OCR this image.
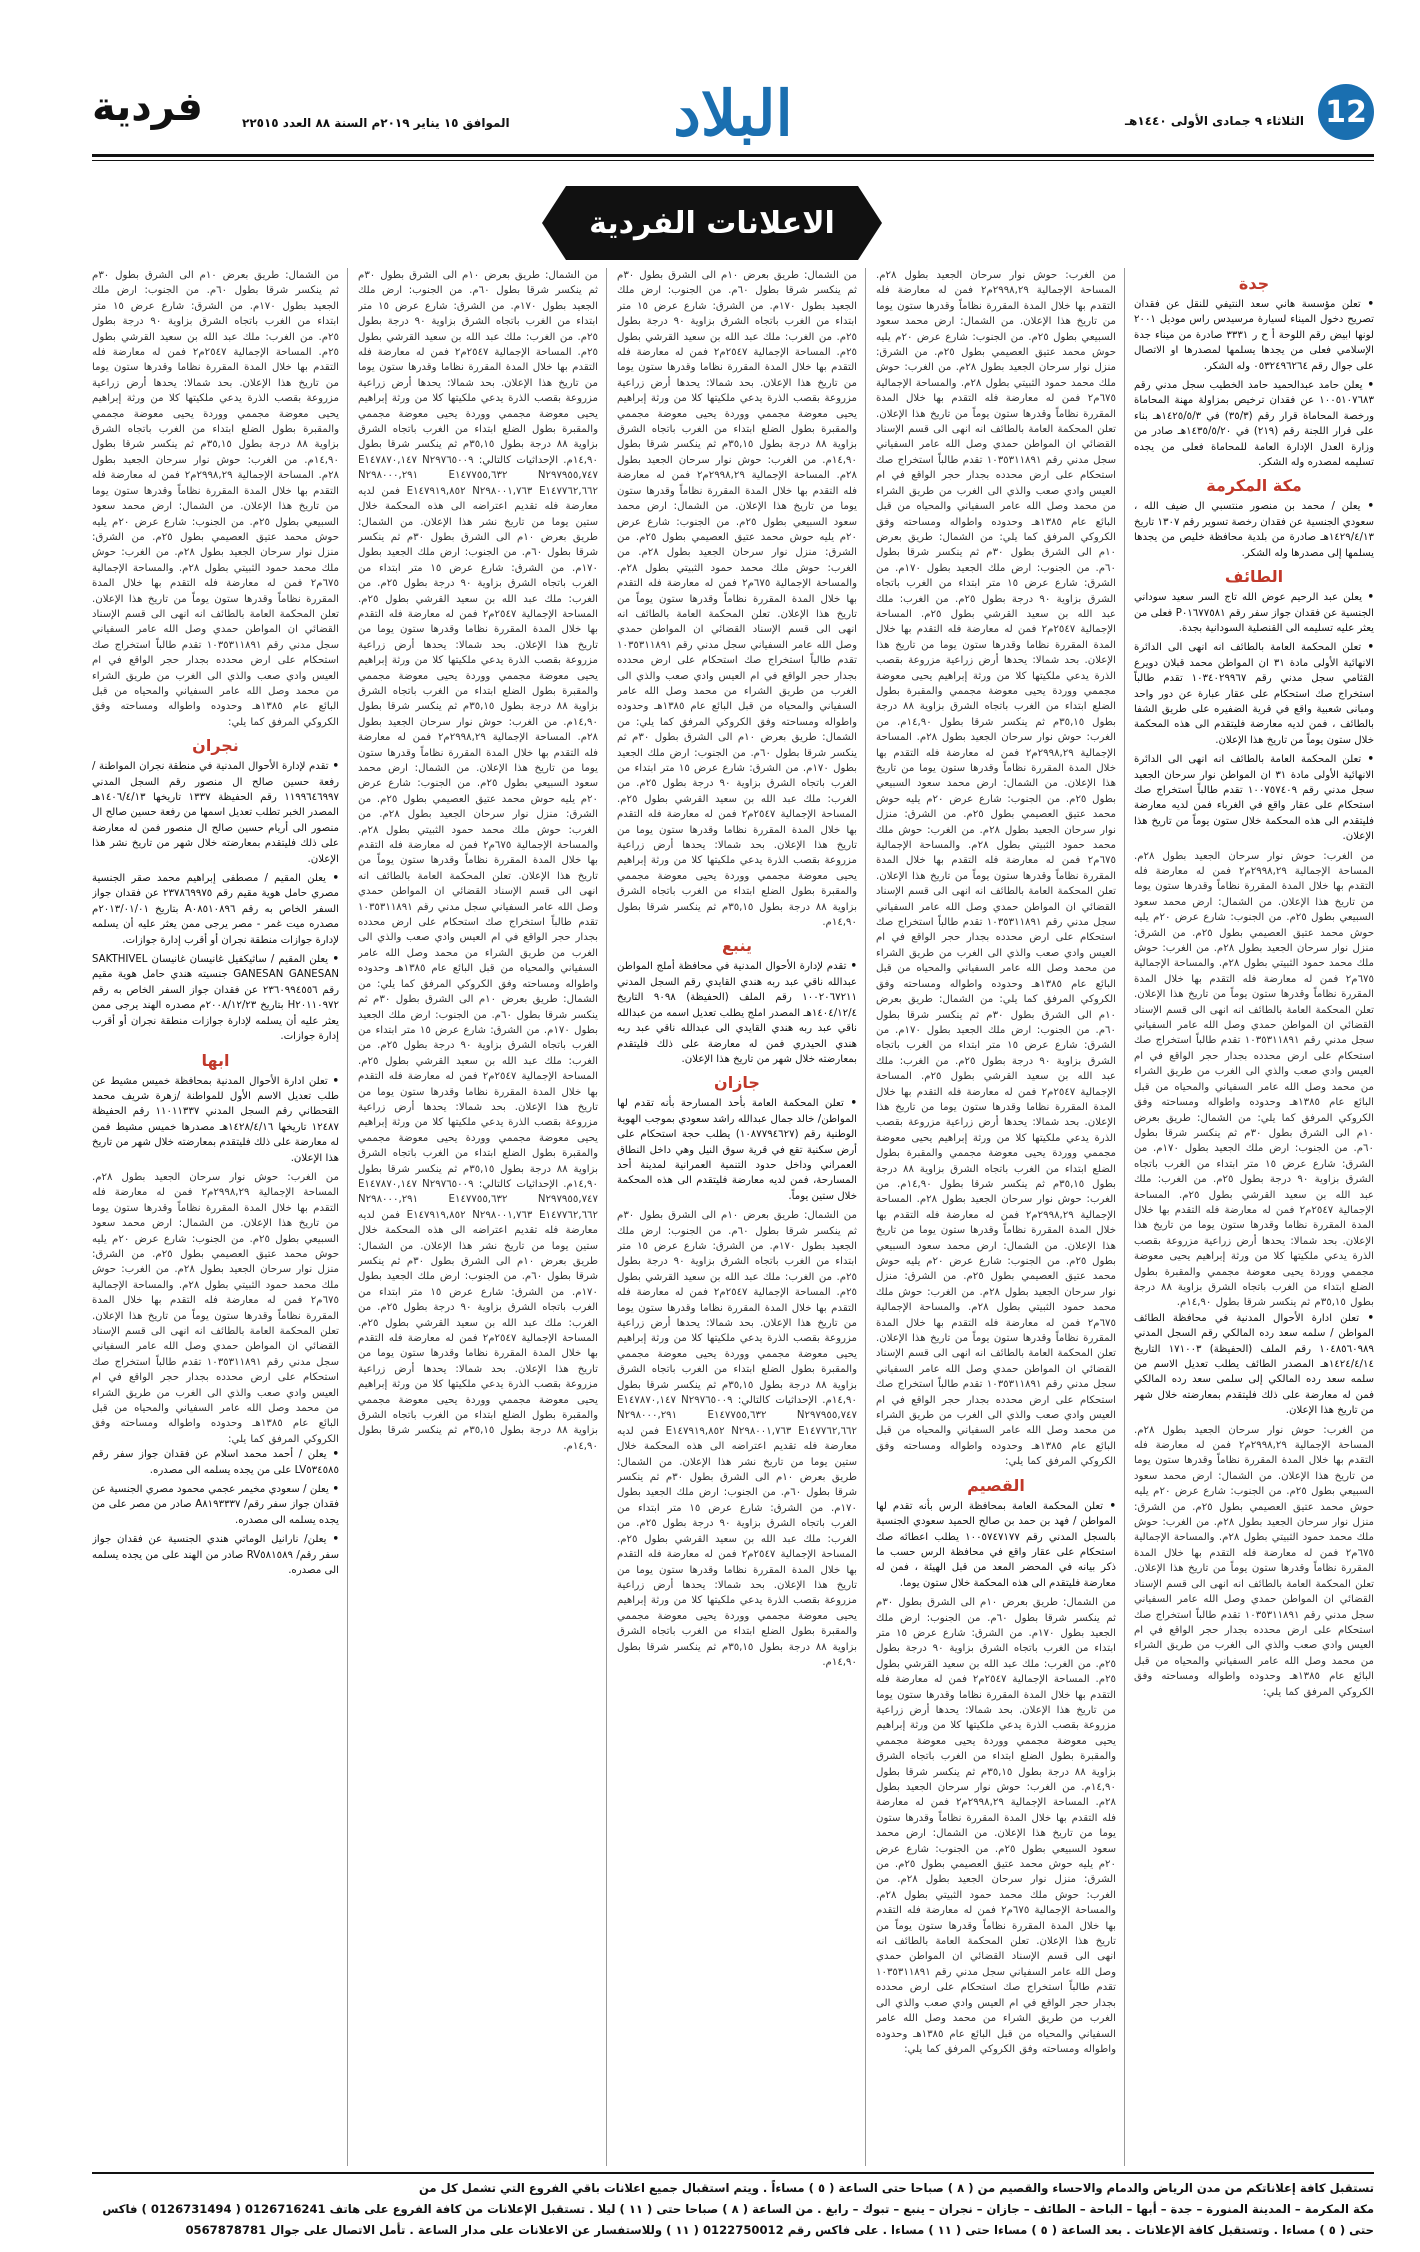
12
الثلاثاء ٩ جمادى الأولى ١٤٤٠هـ
البلاد
الموافق ١٥ يناير ٢٠١٩م السنة ٨٨ العدد ٢٢٥١٥
فردية
الاعلانات الفردية
جدة
• تعلن مؤسسة هاني سعد النتيفي للنقل عن فقدان تصريح دخول الميناء لسيارة مرسيدس راس موديل ٢٠٠١ لونها ابيض رقم اللوحة أ ح ر ٣٣٣١ صادرة من ميناء جدة الإسلامي فعلى من يجدها يسلمها لمصدرها او الاتصال على جوال رقم ٠٥٣٢٤٩٦٢٦٤ وله الشكر.
• يعلن حامد عبدالحميد حامد الخطيب سجل مدني رقم ١٠٠٥١٠٧٦٨٣ عن فقدان ترخيص بمزاولة مهنة المحاماة ورخصة المحاماة قرار رقم (٣٥/٣) في ١٤٢٥/٥/٣هـ بناء على قرار اللجنة رقم (٢١٩) في ١٤٣٥/٥/٢٠هـ صادر من وزارة العدل الإدارة العامة للمحاماة فعلى من يجده تسليمه لمصدره وله الشكر.
مكة المكرمة
• يعلن / محمد بن منصور منتسبي ال ضيف الله ، سعودي الجنسية عن فقدان رخصة تسوير رقم ١٣٠٧ تاريخ ١٤٢٩/٤/١٣هـ صادرة من بلدية محافظة خليص من يجدها يسلمها إلى مصدرها وله الشكر.
الطائف
• يعلن عبد الرحيم عوض الله تاج السر سعيد سوداني الجنسية عن فقدان جواز سفر رقم P٠١٦٧٧٥٨١ فعلى من يعثر عليه تسليمه الى القنصلية السودانية بجدة.
• تعلن المحكمة العامة بالطائف انه انهى الى الدائرة الانهائية الأولى مادة ٣١ ان المواطن محمد قبلان دويرع القثامي سجل مدني رقم ١٠٣٤٠٢٩٩٦٧ تقدم طالباً استخراج صك استحكام على عقار عبارة عن دور واحد ومبانى شعبية واقع في قرية الضفيره على طريق الشفا بالطائف ، فمن لديه معارضة فليتقدم الى هذه المحكمة خلال ستون يوماً من تاريخ هذا الإعلان.
• تعلن المحكمة العامة بالطائف انه انهى الى الدائرة الانهائية الأولى مادة ٣١ ان المواطن نوار سرحان الجعيد سجل مدني رقم ١٠٠٧٥٧٤٠٩ تقدم طالباً استخراج صك استحكام على عقار واقع في الغرباء فمن لديه معارضة فليتقدم الى هذه المحكمة خلال ستون يوماً من تاريخ هذا الإعلان.
من الغرب: حوش نوار سرحان الجعيد بطول ٢٨م. المساحة الإجمالية ٢٩٩٨,٢٩م٢ فمن له معارضة فله التقدم بها خلال المدة المقررة نظاماً وقدرها ستون يوما من تاريخ هذا الإعلان. من الشمال: ارض محمد سعود السبيعي بطول ٢٥م. من الجنوب: شارع عرض ٢٠م يليه حوش محمد عتيق العصيمي بطول ٢٥م. من الشرق: منزل نوار سرحان الجعيد بطول ٢٨م. من الغرب: حوش ملك محمد حمود الثبيتي بطول ٢٨م. والمساحة الإجمالية ٦٧٥م٢ فمن له معارضة فله التقدم بها خلال المدة المقررة نظاماً وقدرها ستون يوماً من تاريخ هذا الإعلان. تعلن المحكمة العامة بالطائف انه انهى الى قسم الإسناد القضائي ان المواطن حمدي وصل الله عامر السفياني سجل مدني رقم ١٠٣٥٣١١٨٩١ تقدم طالباً استخراج صك استحكام على ارض محدده بجدار حجر الواقع في ام العيس وادي صعب والذي الى الغرب من طريق الشراء من محمد وصل الله عامر السفياني والمحياه من قبل البائع عام ١٣٨٥هـ وحدوده واطواله ومساحته وفق الكروكي المرفق كما يلي: من الشمال: طريق بعرض ١٠م الى الشرق بطول ٣٠م ثم ينكسر شرقا بطول ٦٠م. من الجنوب: ارض ملك الجعيد بطول ١٧٠م. من الشرق: شارع عرض ١٥ متر ابتداء من الغرب باتجاه الشرق بزاوية ٩٠ درجة بطول ٢٥م. من الغرب: ملك عبد الله بن سعيد القرشي بطول ٢٥م. المساحة الإجمالية ٢٥٤٧م٢ فمن له معارضة فله التقدم بها خلال المدة المقررة نظاما وقدرها ستون يوما من تاريخ هذا الإعلان. بحد شمالا: يحدها أرض زراعية مزروعة بقصب الذرة يدعي ملكيتها كلا من ورثة إبراهيم يحيى معوضة مجممي ووردة يحيى معوضة مجممي والمقبرة بطول الضلع ابتداء من الغرب باتجاه الشرق بزاوية ٨٨ درجة بطول ٣٥,١٥م ثم ينكسر شرقا بطول ١٤,٩٠م.
• تعلن ادارة الأحوال المدنية في محافظة الطائف المواطن / سلمه سعد رده المالكي رقم السجل المدني ١٠٤٨٥٦٠٩٨٩ رقم الملف (الحفيظة) ١٧١٠٠٣ التاريخ ١٤٢٤/٤/١٤هـ المصدر الطائف يطلب تعديل الاسم من سلمه سعد رده المالكي إلى سلمى سعد رده المالكي فمن له معارضة على ذلك فليتقدم بمعارضته خلال شهر من تاريخ هذا الإعلان.
من الغرب: حوش نوار سرحان الجعيد بطول ٢٨م. المساحة الإجمالية ٢٩٩٨,٢٩م٢ فمن له معارضة فله التقدم بها خلال المدة المقررة نظاماً وقدرها ستون يوما من تاريخ هذا الإعلان. من الشمال: ارض محمد سعود السبيعي بطول ٢٥م. من الجنوب: شارع عرض ٢٠م يليه حوش محمد عتيق العصيمي بطول ٢٥م. من الشرق: منزل نوار سرحان الجعيد بطول ٢٨م. من الغرب: حوش ملك محمد حمود الثبيتي بطول ٢٨م. والمساحة الإجمالية ٦٧٥م٢ فمن له معارضة فله التقدم بها خلال المدة المقررة نظاماً وقدرها ستون يوماً من تاريخ هذا الإعلان. تعلن المحكمة العامة بالطائف انه انهى الى قسم الإسناد القضائي ان المواطن حمدي وصل الله عامر السفياني سجل مدني رقم ١٠٣٥٣١١٨٩١ تقدم طالباً استخراج صك استحكام على ارض محدده بجدار حجر الواقع في ام العيس وادي صعب والذي الى الغرب من طريق الشراء من محمد وصل الله عامر السفياني والمحياه من قبل البائع عام ١٣٨٥هـ وحدوده واطواله ومساحته وفق الكروكي المرفق كما يلي:
من الغرب: حوش نوار سرحان الجعيد بطول ٢٨م. المساحة الإجمالية ٢٩٩٨,٢٩م٢ فمن له معارضة فله التقدم بها خلال المدة المقررة نظاماً وقدرها ستون يوما من تاريخ هذا الإعلان. من الشمال: ارض محمد سعود السبيعي بطول ٢٥م. من الجنوب: شارع عرض ٢٠م يليه حوش محمد عتيق العصيمي بطول ٢٥م. من الشرق: منزل نوار سرحان الجعيد بطول ٢٨م. من الغرب: حوش ملك محمد حمود الثبيتي بطول ٢٨م. والمساحة الإجمالية ٦٧٥م٢ فمن له معارضة فله التقدم بها خلال المدة المقررة نظاماً وقدرها ستون يوماً من تاريخ هذا الإعلان. تعلن المحكمة العامة بالطائف انه انهى الى قسم الإسناد القضائي ان المواطن حمدي وصل الله عامر السفياني سجل مدني رقم ١٠٣٥٣١١٨٩١ تقدم طالباً استخراج صك استحكام على ارض محدده بجدار حجر الواقع في ام العيس وادي صعب والذي الى الغرب من طريق الشراء من محمد وصل الله عامر السفياني والمحياه من قبل البائع عام ١٣٨٥هـ وحدوده واطواله ومساحته وفق الكروكي المرفق كما يلي: من الشمال: طريق بعرض ١٠م الى الشرق بطول ٣٠م ثم ينكسر شرقا بطول ٦٠م. من الجنوب: ارض ملك الجعيد بطول ١٧٠م. من الشرق: شارع عرض ١٥ متر ابتداء من الغرب باتجاه الشرق بزاوية ٩٠ درجة بطول ٢٥م. من الغرب: ملك عبد الله بن سعيد القرشي بطول ٢٥م. المساحة الإجمالية ٢٥٤٧م٢ فمن له معارضة فله التقدم بها خلال المدة المقررة نظاما وقدرها ستون يوما من تاريخ هذا الإعلان. بحد شمالا: يحدها أرض زراعية مزروعة بقصب الذرة يدعي ملكيتها كلا من ورثة إبراهيم يحيى معوضة مجممي ووردة يحيى معوضة مجممي والمقبرة بطول الضلع ابتداء من الغرب باتجاه الشرق بزاوية ٨٨ درجة بطول ٣٥,١٥م ثم ينكسر شرقا بطول ١٤,٩٠م. من الغرب: حوش نوار سرحان الجعيد بطول ٢٨م. المساحة الإجمالية ٢٩٩٨,٢٩م٢ فمن له معارضة فله التقدم بها خلال المدة المقررة نظاماً وقدرها ستون يوما من تاريخ هذا الإعلان. من الشمال: ارض محمد سعود السبيعي بطول ٢٥م. من الجنوب: شارع عرض ٢٠م يليه حوش محمد عتيق العصيمي بطول ٢٥م. من الشرق: منزل نوار سرحان الجعيد بطول ٢٨م. من الغرب: حوش ملك محمد حمود الثبيتي بطول ٢٨م. والمساحة الإجمالية ٦٧٥م٢ فمن له معارضة فله التقدم بها خلال المدة المقررة نظاماً وقدرها ستون يوماً من تاريخ هذا الإعلان. تعلن المحكمة العامة بالطائف انه انهى الى قسم الإسناد القضائي ان المواطن حمدي وصل الله عامر السفياني سجل مدني رقم ١٠٣٥٣١١٨٩١ تقدم طالباً استخراج صك استحكام على ارض محدده بجدار حجر الواقع في ام العيس وادي صعب والذي الى الغرب من طريق الشراء من محمد وصل الله عامر السفياني والمحياه من قبل البائع عام ١٣٨٥هـ وحدوده واطواله ومساحته وفق الكروكي المرفق كما يلي: من الشمال: طريق بعرض ١٠م الى الشرق بطول ٣٠م ثم ينكسر شرقا بطول ٦٠م. من الجنوب: ارض ملك الجعيد بطول ١٧٠م. من الشرق: شارع عرض ١٥ متر ابتداء من الغرب باتجاه الشرق بزاوية ٩٠ درجة بطول ٢٥م. من الغرب: ملك عبد الله بن سعيد القرشي بطول ٢٥م. المساحة الإجمالية ٢٥٤٧م٢ فمن له معارضة فله التقدم بها خلال المدة المقررة نظاما وقدرها ستون يوما من تاريخ هذا الإعلان. بحد شمالا: يحدها أرض زراعية مزروعة بقصب الذرة يدعي ملكيتها كلا من ورثة إبراهيم يحيى معوضة مجممي ووردة يحيى معوضة مجممي والمقبرة بطول الضلع ابتداء من الغرب باتجاه الشرق بزاوية ٨٨ درجة بطول ٣٥,١٥م ثم ينكسر شرقا بطول ١٤,٩٠م. من الغرب: حوش نوار سرحان الجعيد بطول ٢٨م. المساحة الإجمالية ٢٩٩٨,٢٩م٢ فمن له معارضة فله التقدم بها خلال المدة المقررة نظاماً وقدرها ستون يوما من تاريخ هذا الإعلان. من الشمال: ارض محمد سعود السبيعي بطول ٢٥م. من الجنوب: شارع عرض ٢٠م يليه حوش محمد عتيق العصيمي بطول ٢٥م. من الشرق: منزل نوار سرحان الجعيد بطول ٢٨م. من الغرب: حوش ملك محمد حمود الثبيتي بطول ٢٨م. والمساحة الإجمالية ٦٧٥م٢ فمن له معارضة فله التقدم بها خلال المدة المقررة نظاماً وقدرها ستون يوماً من تاريخ هذا الإعلان. تعلن المحكمة العامة بالطائف انه انهى الى قسم الإسناد القضائي ان المواطن حمدي وصل الله عامر السفياني سجل مدني رقم ١٠٣٥٣١١٨٩١ تقدم طالباً استخراج صك استحكام على ارض محدده بجدار حجر الواقع في ام العيس وادي صعب والذي الى الغرب من طريق الشراء من محمد وصل الله عامر السفياني والمحياه من قبل البائع عام ١٣٨٥هـ وحدوده واطواله ومساحته وفق الكروكي المرفق كما يلي:
القصيم
• تعلن المحكمة العامة بمحافظة الرس بأنه تقدم لها المواطن / فهد بن حمد بن صالح الحميد سعودي الجنسية بالسجل المدني رقم ١٠٠٥٧٤٧١٧٧ يطلب اعطائه صك استحكام على عقار واقع في محافظة الرس حسب ما ذكر بيانه في المحضر المعد من قبل الهيئة ، فمن له معارضة فليتقدم الى هذه المحكمة خلال ستون يوما.
من الشمال: طريق بعرض ١٠م الى الشرق بطول ٣٠م ثم ينكسر شرقا بطول ٦٠م. من الجنوب: ارض ملك الجعيد بطول ١٧٠م. من الشرق: شارع عرض ١٥ متر ابتداء من الغرب باتجاه الشرق بزاوية ٩٠ درجة بطول ٢٥م. من الغرب: ملك عبد الله بن سعيد القرشي بطول ٢٥م. المساحة الإجمالية ٢٥٤٧م٢ فمن له معارضة فله التقدم بها خلال المدة المقررة نظاما وقدرها ستون يوما من تاريخ هذا الإعلان. بحد شمالا: يحدها أرض زراعية مزروعة بقصب الذرة يدعي ملكيتها كلا من ورثة إبراهيم يحيى معوضة مجممي ووردة يحيى معوضة مجممي والمقبرة بطول الضلع ابتداء من الغرب باتجاه الشرق بزاوية ٨٨ درجة بطول ٣٥,١٥م ثم ينكسر شرقا بطول ١٤,٩٠م. من الغرب: حوش نوار سرحان الجعيد بطول ٢٨م. المساحة الإجمالية ٢٩٩٨,٢٩م٢ فمن له معارضة فله التقدم بها خلال المدة المقررة نظاماً وقدرها ستون يوما من تاريخ هذا الإعلان. من الشمال: ارض محمد سعود السبيعي بطول ٢٥م. من الجنوب: شارع عرض ٢٠م يليه حوش محمد عتيق العصيمي بطول ٢٥م. من الشرق: منزل نوار سرحان الجعيد بطول ٢٨م. من الغرب: حوش ملك محمد حمود الثبيتي بطول ٢٨م. والمساحة الإجمالية ٦٧٥م٢ فمن له معارضة فله التقدم بها خلال المدة المقررة نظاماً وقدرها ستون يوماً من تاريخ هذا الإعلان. تعلن المحكمة العامة بالطائف انه انهى الى قسم الإسناد القضائي ان المواطن حمدي وصل الله عامر السفياني سجل مدني رقم ١٠٣٥٣١١٨٩١ تقدم طالباً استخراج صك استحكام على ارض محدده بجدار حجر الواقع في ام العيس وادي صعب والذي الى الغرب من طريق الشراء من محمد وصل الله عامر السفياني والمحياه من قبل البائع عام ١٣٨٥هـ وحدوده واطواله ومساحته وفق الكروكي المرفق كما يلي:
من الشمال: طريق بعرض ١٠م الى الشرق بطول ٣٠م ثم ينكسر شرقا بطول ٦٠م. من الجنوب: ارض ملك الجعيد بطول ١٧٠م. من الشرق: شارع عرض ١٥ متر ابتداء من الغرب باتجاه الشرق بزاوية ٩٠ درجة بطول ٢٥م. من الغرب: ملك عبد الله بن سعيد القرشي بطول ٢٥م. المساحة الإجمالية ٢٥٤٧م٢ فمن له معارضة فله التقدم بها خلال المدة المقررة نظاما وقدرها ستون يوما من تاريخ هذا الإعلان. بحد شمالا: يحدها أرض زراعية مزروعة بقصب الذرة يدعي ملكيتها كلا من ورثة إبراهيم يحيى معوضة مجممي ووردة يحيى معوضة مجممي والمقبرة بطول الضلع ابتداء من الغرب باتجاه الشرق بزاوية ٨٨ درجة بطول ٣٥,١٥م ثم ينكسر شرقا بطول ١٤,٩٠م. من الغرب: حوش نوار سرحان الجعيد بطول ٢٨م. المساحة الإجمالية ٢٩٩٨,٢٩م٢ فمن له معارضة فله التقدم بها خلال المدة المقررة نظاماً وقدرها ستون يوما من تاريخ هذا الإعلان. من الشمال: ارض محمد سعود السبيعي بطول ٢٥م. من الجنوب: شارع عرض ٢٠م يليه حوش محمد عتيق العصيمي بطول ٢٥م. من الشرق: منزل نوار سرحان الجعيد بطول ٢٨م. من الغرب: حوش ملك محمد حمود الثبيتي بطول ٢٨م. والمساحة الإجمالية ٦٧٥م٢ فمن له معارضة فله التقدم بها خلال المدة المقررة نظاماً وقدرها ستون يوماً من تاريخ هذا الإعلان. تعلن المحكمة العامة بالطائف انه انهى الى قسم الإسناد القضائي ان المواطن حمدي وصل الله عامر السفياني سجل مدني رقم ١٠٣٥٣١١٨٩١ تقدم طالباً استخراج صك استحكام على ارض محدده بجدار حجر الواقع في ام العيس وادي صعب والذي الى الغرب من طريق الشراء من محمد وصل الله عامر السفياني والمحياه من قبل البائع عام ١٣٨٥هـ وحدوده واطواله ومساحته وفق الكروكي المرفق كما يلي: من الشمال: طريق بعرض ١٠م الى الشرق بطول ٣٠م ثم ينكسر شرقا بطول ٦٠م. من الجنوب: ارض ملك الجعيد بطول ١٧٠م. من الشرق: شارع عرض ١٥ متر ابتداء من الغرب باتجاه الشرق بزاوية ٩٠ درجة بطول ٢٥م. من الغرب: ملك عبد الله بن سعيد القرشي بطول ٢٥م. المساحة الإجمالية ٢٥٤٧م٢ فمن له معارضة فله التقدم بها خلال المدة المقررة نظاما وقدرها ستون يوما من تاريخ هذا الإعلان. بحد شمالا: يحدها أرض زراعية مزروعة بقصب الذرة يدعي ملكيتها كلا من ورثة إبراهيم يحيى معوضة مجممي ووردة يحيى معوضة مجممي والمقبرة بطول الضلع ابتداء من الغرب باتجاه الشرق بزاوية ٨٨ درجة بطول ٣٥,١٥م ثم ينكسر شرقا بطول ١٤,٩٠م.
ينبع
• تقدم لإدارة الأحوال المدنية في محافظة أملج المواطن عبدالله ناقي عبد ربه هندي القايدي رقم السجل المدني ١٠٠٢٠٦٧٢١١ رقم الملف (الحفيظة) ٩٠٩٨ التاريخ ١٤٠٤/١٢/٤هـ المصدر املج يطلب تعديل اسمه من عبدالله ناقي عبد ربه هندي القايدي الى عبدالله ناقي عبد ربه هندي الحيدري فمن له معارضة على ذلك فليتقدم بمعارضته خلال شهر من تاريخ هذا الإعلان.
جازان
• تعلن المحكمة العامة بأحد المسارحة بأنه تقدم لها المواطن/ خالد جمال عبدالله راشد سعودي بموجب الهوية الوطنية رقم (١٠٨٧٧٩٤٦٢٧) يطلب حجة استحكام على أرض سكنية تقع في قرية سوق النيل وهي داخل النطاق العمراني وداخل حدود التنمية العمرانية لمدينة أحد المسارحة، فمن لديه معارضة فليتقدم الى هذه المحكمة خلال ستين يوماً.
من الشمال: طريق بعرض ١٠م الى الشرق بطول ٣٠م ثم ينكسر شرقا بطول ٦٠م. من الجنوب: ارض ملك الجعيد بطول ١٧٠م. من الشرق: شارع عرض ١٥ متر ابتداء من الغرب باتجاه الشرق بزاوية ٩٠ درجة بطول ٢٥م. من الغرب: ملك عبد الله بن سعيد القرشي بطول ٢٥م. المساحة الإجمالية ٢٥٤٧م٢ فمن له معارضة فله التقدم بها خلال المدة المقررة نظاما وقدرها ستون يوما من تاريخ هذا الإعلان. بحد شمالا: يحدها أرض زراعية مزروعة بقصب الذرة يدعي ملكيتها كلا من ورثة إبراهيم يحيى معوضة مجممي ووردة يحيى معوضة مجممي والمقبرة بطول الضلع ابتداء من الغرب باتجاه الشرق بزاوية ٨٨ درجة بطول ٣٥,١٥م ثم ينكسر شرقا بطول ١٤,٩٠م. الإحداثيات كالتالي: N٢٩٧٦٥٠٠٩ E١٤٧٨٧٠,١٤٧ N٢٩٧٩٥٥,٧٤٧ E١٤٧٧٥٥,٦٣٢ N٢٩٨٠٠٠,٢٩١ E١٤٧٧٦٢,٦٦٢ N٢٩٨٠٠١,٧٦٣ E١٤٧٩١٩,٨٥٢ فمن لديه معارضة فله تقديم اعتراضه الى هذه المحكمة خلال ستين يوما من تاريخ نشر هذا الإعلان. من الشمال: طريق بعرض ١٠م الى الشرق بطول ٣٠م ثم ينكسر شرقا بطول ٦٠م. من الجنوب: ارض ملك الجعيد بطول ١٧٠م. من الشرق: شارع عرض ١٥ متر ابتداء من الغرب باتجاه الشرق بزاوية ٩٠ درجة بطول ٢٥م. من الغرب: ملك عبد الله بن سعيد القرشي بطول ٢٥م. المساحة الإجمالية ٢٥٤٧م٢ فمن له معارضة فله التقدم بها خلال المدة المقررة نظاما وقدرها ستون يوما من تاريخ هذا الإعلان. بحد شمالا: يحدها أرض زراعية مزروعة بقصب الذرة يدعي ملكيتها كلا من ورثة إبراهيم يحيى معوضة مجممي ووردة يحيى معوضة مجممي والمقبرة بطول الضلع ابتداء من الغرب باتجاه الشرق بزاوية ٨٨ درجة بطول ٣٥,١٥م ثم ينكسر شرقا بطول ١٤,٩٠م.
من الشمال: طريق بعرض ١٠م الى الشرق بطول ٣٠م ثم ينكسر شرقا بطول ٦٠م. من الجنوب: ارض ملك الجعيد بطول ١٧٠م. من الشرق: شارع عرض ١٥ متر ابتداء من الغرب باتجاه الشرق بزاوية ٩٠ درجة بطول ٢٥م. من الغرب: ملك عبد الله بن سعيد القرشي بطول ٢٥م. المساحة الإجمالية ٢٥٤٧م٢ فمن له معارضة فله التقدم بها خلال المدة المقررة نظاما وقدرها ستون يوما من تاريخ هذا الإعلان. بحد شمالا: يحدها أرض زراعية مزروعة بقصب الذرة يدعي ملكيتها كلا من ورثة إبراهيم يحيى معوضة مجممي ووردة يحيى معوضة مجممي والمقبرة بطول الضلع ابتداء من الغرب باتجاه الشرق بزاوية ٨٨ درجة بطول ٣٥,١٥م ثم ينكسر شرقا بطول ١٤,٩٠م. الإحداثيات كالتالي: N٢٩٧٦٥٠٠٩ E١٤٧٨٧٠,١٤٧ N٢٩٧٩٥٥,٧٤٧ E١٤٧٧٥٥,٦٣٢ N٢٩٨٠٠٠,٢٩١ E١٤٧٧٦٢,٦٦٢ N٢٩٨٠٠١,٧٦٣ E١٤٧٩١٩,٨٥٢ فمن لديه معارضة فله تقديم اعتراضه الى هذه المحكمة خلال ستين يوما من تاريخ نشر هذا الإعلان. من الشمال: طريق بعرض ١٠م الى الشرق بطول ٣٠م ثم ينكسر شرقا بطول ٦٠م. من الجنوب: ارض ملك الجعيد بطول ١٧٠م. من الشرق: شارع عرض ١٥ متر ابتداء من الغرب باتجاه الشرق بزاوية ٩٠ درجة بطول ٢٥م. من الغرب: ملك عبد الله بن سعيد القرشي بطول ٢٥م. المساحة الإجمالية ٢٥٤٧م٢ فمن له معارضة فله التقدم بها خلال المدة المقررة نظاما وقدرها ستون يوما من تاريخ هذا الإعلان. بحد شمالا: يحدها أرض زراعية مزروعة بقصب الذرة يدعي ملكيتها كلا من ورثة إبراهيم يحيى معوضة مجممي ووردة يحيى معوضة مجممي والمقبرة بطول الضلع ابتداء من الغرب باتجاه الشرق بزاوية ٨٨ درجة بطول ٣٥,١٥م ثم ينكسر شرقا بطول ١٤,٩٠م. من الغرب: حوش نوار سرحان الجعيد بطول ٢٨م. المساحة الإجمالية ٢٩٩٨,٢٩م٢ فمن له معارضة فله التقدم بها خلال المدة المقررة نظاماً وقدرها ستون يوما من تاريخ هذا الإعلان. من الشمال: ارض محمد سعود السبيعي بطول ٢٥م. من الجنوب: شارع عرض ٢٠م يليه حوش محمد عتيق العصيمي بطول ٢٥م. من الشرق: منزل نوار سرحان الجعيد بطول ٢٨م. من الغرب: حوش ملك محمد حمود الثبيتي بطول ٢٨م. والمساحة الإجمالية ٦٧٥م٢ فمن له معارضة فله التقدم بها خلال المدة المقررة نظاماً وقدرها ستون يوماً من تاريخ هذا الإعلان. تعلن المحكمة العامة بالطائف انه انهى الى قسم الإسناد القضائي ان المواطن حمدي وصل الله عامر السفياني سجل مدني رقم ١٠٣٥٣١١٨٩١ تقدم طالباً استخراج صك استحكام على ارض محدده بجدار حجر الواقع في ام العيس وادي صعب والذي الى الغرب من طريق الشراء من محمد وصل الله عامر السفياني والمحياه من قبل البائع عام ١٣٨٥هـ وحدوده واطواله ومساحته وفق الكروكي المرفق كما يلي: من الشمال: طريق بعرض ١٠م الى الشرق بطول ٣٠م ثم ينكسر شرقا بطول ٦٠م. من الجنوب: ارض ملك الجعيد بطول ١٧٠م. من الشرق: شارع عرض ١٥ متر ابتداء من الغرب باتجاه الشرق بزاوية ٩٠ درجة بطول ٢٥م. من الغرب: ملك عبد الله بن سعيد القرشي بطول ٢٥م. المساحة الإجمالية ٢٥٤٧م٢ فمن له معارضة فله التقدم بها خلال المدة المقررة نظاما وقدرها ستون يوما من تاريخ هذا الإعلان. بحد شمالا: يحدها أرض زراعية مزروعة بقصب الذرة يدعي ملكيتها كلا من ورثة إبراهيم يحيى معوضة مجممي ووردة يحيى معوضة مجممي والمقبرة بطول الضلع ابتداء من الغرب باتجاه الشرق بزاوية ٨٨ درجة بطول ٣٥,١٥م ثم ينكسر شرقا بطول ١٤,٩٠م. الإحداثيات كالتالي: N٢٩٧٦٥٠٠٩ E١٤٧٨٧٠,١٤٧ N٢٩٧٩٥٥,٧٤٧ E١٤٧٧٥٥,٦٣٢ N٢٩٨٠٠٠,٢٩١ E١٤٧٧٦٢,٦٦٢ N٢٩٨٠٠١,٧٦٣ E١٤٧٩١٩,٨٥٢ فمن لديه معارضة فله تقديم اعتراضه الى هذه المحكمة خلال ستين يوما من تاريخ نشر هذا الإعلان. من الشمال: طريق بعرض ١٠م الى الشرق بطول ٣٠م ثم ينكسر شرقا بطول ٦٠م. من الجنوب: ارض ملك الجعيد بطول ١٧٠م. من الشرق: شارع عرض ١٥ متر ابتداء من الغرب باتجاه الشرق بزاوية ٩٠ درجة بطول ٢٥م. من الغرب: ملك عبد الله بن سعيد القرشي بطول ٢٥م. المساحة الإجمالية ٢٥٤٧م٢ فمن له معارضة فله التقدم بها خلال المدة المقررة نظاما وقدرها ستون يوما من تاريخ هذا الإعلان. بحد شمالا: يحدها أرض زراعية مزروعة بقصب الذرة يدعي ملكيتها كلا من ورثة إبراهيم يحيى معوضة مجممي ووردة يحيى معوضة مجممي والمقبرة بطول الضلع ابتداء من الغرب باتجاه الشرق بزاوية ٨٨ درجة بطول ٣٥,١٥م ثم ينكسر شرقا بطول ١٤,٩٠م.
من الشمال: طريق بعرض ١٠م الى الشرق بطول ٣٠م ثم ينكسر شرقا بطول ٦٠م. من الجنوب: ارض ملك الجعيد بطول ١٧٠م. من الشرق: شارع عرض ١٥ متر ابتداء من الغرب باتجاه الشرق بزاوية ٩٠ درجة بطول ٢٥م. من الغرب: ملك عبد الله بن سعيد القرشي بطول ٢٥م. المساحة الإجمالية ٢٥٤٧م٢ فمن له معارضة فله التقدم بها خلال المدة المقررة نظاما وقدرها ستون يوما من تاريخ هذا الإعلان. بحد شمالا: يحدها أرض زراعية مزروعة بقصب الذرة يدعي ملكيتها كلا من ورثة إبراهيم يحيى معوضة مجممي ووردة يحيى معوضة مجممي والمقبرة بطول الضلع ابتداء من الغرب باتجاه الشرق بزاوية ٨٨ درجة بطول ٣٥,١٥م ثم ينكسر شرقا بطول ١٤,٩٠م. من الغرب: حوش نوار سرحان الجعيد بطول ٢٨م. المساحة الإجمالية ٢٩٩٨,٢٩م٢ فمن له معارضة فله التقدم بها خلال المدة المقررة نظاماً وقدرها ستون يوما من تاريخ هذا الإعلان. من الشمال: ارض محمد سعود السبيعي بطول ٢٥م. من الجنوب: شارع عرض ٢٠م يليه حوش محمد عتيق العصيمي بطول ٢٥م. من الشرق: منزل نوار سرحان الجعيد بطول ٢٨م. من الغرب: حوش ملك محمد حمود الثبيتي بطول ٢٨م. والمساحة الإجمالية ٦٧٥م٢ فمن له معارضة فله التقدم بها خلال المدة المقررة نظاماً وقدرها ستون يوماً من تاريخ هذا الإعلان. تعلن المحكمة العامة بالطائف انه انهى الى قسم الإسناد القضائي ان المواطن حمدي وصل الله عامر السفياني سجل مدني رقم ١٠٣٥٣١١٨٩١ تقدم طالباً استخراج صك استحكام على ارض محدده بجدار حجر الواقع في ام العيس وادي صعب والذي الى الغرب من طريق الشراء من محمد وصل الله عامر السفياني والمحياه من قبل البائع عام ١٣٨٥هـ وحدوده واطواله ومساحته وفق الكروكي المرفق كما يلي:
نجران
• تقدم لإدارة الأحوال المدنية في منطقة نجران المواطنة / رفعة حسين صالح ال منصور رقم السجل المدني ١١٩٩٦٤٦٩٩٧ رقم الحفيظة ١٣٣٧ تاريخها ١٤٠٦/٤/١٣هـ المصدر الخبر تطلب تعديل اسمها من رفعة حسين صالح ال منصور الى أريام حسين صالح ال منصور فمن له معارضة على ذلك فليتقدم بمعارضته خلال شهر من تاريخ نشر هذا الإعلان.
• يعلن المقيم / مصطفى إبراهيم محمد صقر الجنسية مصري حامل هوية مقيم رقم ٢٣٧٨٦٩٩٧٥ عن فقدان جواز السفر الخاص به رقم A٠٨٥١٠٨٩٦ بتاريخ ٢٠١٣/٠١/٠١م مصدره ميت غمر - مصر يرجى ممن يعثر عليه أن يسلمه لإدارة جوازات منطقة نجران أو أقرب إدارة جوازات.
• يعلن المقيم / ساثيكفيل غانيسان غانيسان SAKTHIVEL GANESAN GANESAN جنسيته هندي حامل هوية مقيم رقم ٢٣٦٠٩٩٤٥٥٦ عن فقدان جواز السفر الخاص به رقم H٢٠١١٠٩٧٢ بتاريخ ٢٠٠٨/١٢/٢٣م مصدره الهند يرجى ممن يعثر عليه أن يسلمه لإدارة جوازات منطقة نجران أو أقرب إدارة جوازات.
ابها
• تعلن ادارة الأحوال المدنية بمحافظة خميس مشيط عن طلب تعديل الاسم الأول للمواطنة /زهرة شريف محمد القحطاني رقم السجل المدني ١١٠١١٣٣٧ رقم الحفيظة ١٢٤٨٧ تاريخها ١٤٢٨/٤/١٦هـ مصدرها خميس مشيط فمن له معارضة على ذلك فليتقدم بمعارضته خلال شهر من تاريخ هذا الإعلان.
من الغرب: حوش نوار سرحان الجعيد بطول ٢٨م. المساحة الإجمالية ٢٩٩٨,٢٩م٢ فمن له معارضة فله التقدم بها خلال المدة المقررة نظاماً وقدرها ستون يوما من تاريخ هذا الإعلان. من الشمال: ارض محمد سعود السبيعي بطول ٢٥م. من الجنوب: شارع عرض ٢٠م يليه حوش محمد عتيق العصيمي بطول ٢٥م. من الشرق: منزل نوار سرحان الجعيد بطول ٢٨م. من الغرب: حوش ملك محمد حمود الثبيتي بطول ٢٨م. والمساحة الإجمالية ٦٧٥م٢ فمن له معارضة فله التقدم بها خلال المدة المقررة نظاماً وقدرها ستون يوماً من تاريخ هذا الإعلان. تعلن المحكمة العامة بالطائف انه انهى الى قسم الإسناد القضائي ان المواطن حمدي وصل الله عامر السفياني سجل مدني رقم ١٠٣٥٣١١٨٩١ تقدم طالباً استخراج صك استحكام على ارض محدده بجدار حجر الواقع في ام العيس وادي صعب والذي الى الغرب من طريق الشراء من محمد وصل الله عامر السفياني والمحياه من قبل البائع عام ١٣٨٥هـ وحدوده واطواله ومساحته وفق الكروكي المرفق كما يلي:
• يعلن / أحمد محمد اسلام عن فقدان جواز سفر رقم LV٥٣٤٥٨٥ على من يجده يسلمه الى مصدره.
• يعلن / سعودي مخيمر عجمي محمود مصري الجنسية عن فقدان جواز سفر رقم/ A٨١٩٣٣٣٧ صادر من مصر على من يجده يسلمه الى مصدره.
• يعلن/ نارانيل الوماتي هندي الجنسية عن فقدان جواز سفر رقم/ RV٥٨١٥٨٩ صادر من الهند على من يجده يسلمه الى مصدره.
تستقبل كافة إعلاناتكم من مدن الرياض والدمام والاحساء والقصيم من ( ٨ ) صباحا حتى الساعة ( ٥ ) مساءاً . ويتم استقبال جميع اعلانات باقي الفروع التي تشمل كل من
مكة المكرمة – المدينة المنورة – جدة – أبها – الباحة – الطائف – جازان – نجران – ينبع – تبوك – رابغ . من الساعة ( ٨ ) صباحا حتى ( ١١ ) ليلا . تستقبل الإعلانات من كافة الفروع على هاتف 0126716241 ( 0126731494 ) فاكس
حتى ( ٥ ) مساءا . وتستقبل كافة الإعلانات . بعد الساعة ( ٥ ) مساءا حتى ( ١١ ) مساءا . على فاكس رقم 0122750012 ( ١١ ) وللاستفسار عن الاعلانات على مدار الساعة . تأمل الاتصال على جوال 0567878781
